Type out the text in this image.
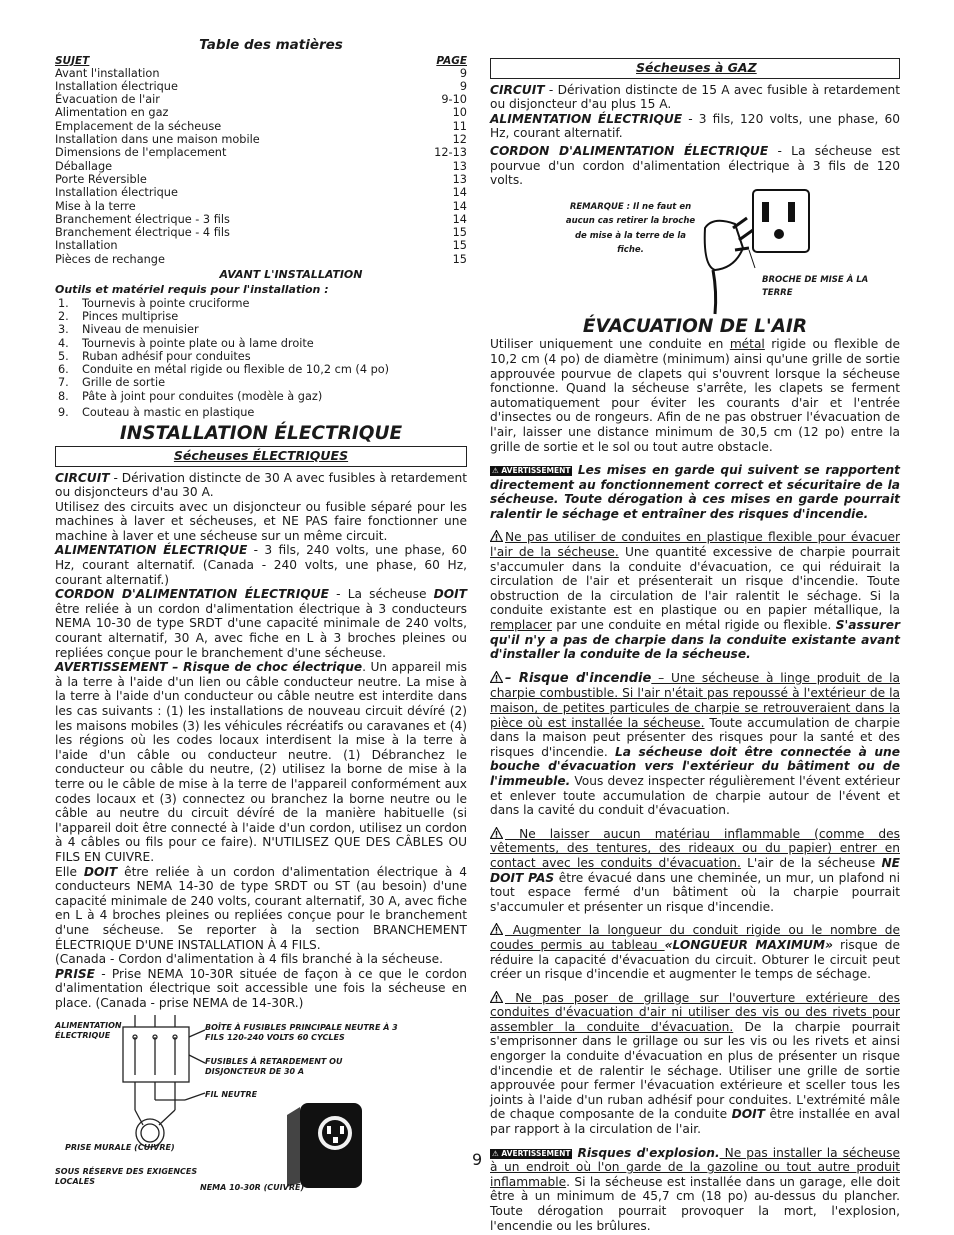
Table des matières
SUJET	PAGE
Avant l'installation	9
Installation électrique	9
Évacuation de l'air	9-10
Alimentation en gaz	10
Emplacement de la sécheuse	11
Installation dans une maison mobile	12
Dimensions de l'emplacement	12-13
Déballage	13
Porte Réversible	13
Installation électrique	14
Mise à la terre	14
Branchement électrique - 3 fils	14
Branchement électrique - 4 fils	15
Installation	15
Pièces de rechange	15
AVANT L'INSTALLATION
Outils et matériel requis pour l'installation :
1.	Tournevis à pointe cruciforme
2.	Pinces multiprise
3.	Niveau de menuisier
4.	Tournevis à pointe plate ou à lame droite
5.	Ruban adhésif pour conduites
6.	Conduite en métal rigide ou flexible de 10,2 cm (4 po)
7.	Grille de sortie
8.	Pâte à joint pour conduites (modèle à gaz)
9.	Couteau à mastic en plastique
INSTALLATION ÉLECTRIQUE
Sécheuses ÉLECTRIQUES

CIRCUIT - Dérivation distincte de 30 A avec fusibles à retardement ou disjoncteurs d'au 30 A.

Utilisez des circuits avec un disjoncteur ou fusible séparé pour les machines à laver et sécheuses, et NE PAS faire fonctionner une machine à laver et une sécheuse sur un même circuit.

ALIMENTATION ÉLECTRIQUE - 3 fils, 240 volts, une phase, 60 Hz, courant alternatif. (Canada - 240 volts, une phase, 60 Hz, courant alternatif.)

CORDON D'ALIMENTATION ÉLECTRIQUE - La sécheuse DOIT être reliée à un cordon d'alimentation électrique à 3 conducteurs NEMA 10-30 de type SRDT d'une capacité minimale de 240 volts, courant alternatif, 30 A, avec fiche en L à 3 broches pleines ou repliées conçue pour le branchement d'une sécheuse.

AVERTISSEMENT – Risque de choc électrique. Un appareil mis à la terre à l'aide d'un lien ou câble conducteur neutre. La mise à la terre à l'aide d'un conducteur ou câble neutre est interdite dans les cas suivants : (1) les installations de nouveau circuit dévíré (2) les maisons mobiles (3) les véhicules récréatifs ou caravanes et (4) les régions où les codes locaux interdisent la mise à la terre à l'aide d'un câble ou conducteur neutre. (1) Débranchez le conducteur ou câble du neutre, (2) utilisez la borne de mise à la terre ou le câble de mise à la terre de l'appareil conformément aux codes locaux et (3) connectez ou branchez la borne neutre ou le câble au neutre du circuit dévíré de la manière habituelle (si l'appareil doit être connecté à l'aide d'un cordon, utilisez un cordon à 4 câbles ou fils pour ce faire). N'UTILISEZ QUE DES CÂBLES OU FILS EN CUIVRE.

Elle DOIT être reliée à un cordon d'alimentation électrique à 4 conducteurs NEMA 14-30 de type SRDT ou ST (au besoin) d'une capacité minimale de 240 volts, courant alternatif, 30 A, avec fiche en L à 4 broches pleines ou repliées conçue pour le branchement d'une sécheuse. Se reporter à la section BRANCHEMENT ÉLECTRIQUE D'UNE INSTALLATION À 4 FILS.

(Canada - Cordon d'alimentation à 4 fils branché à la sécheuse.

PRISE - Prise NEMA 10-30R située de façon à ce que le cordon d'alimentation électrique soit accessible une fois la sécheuse en place. (Canada - prise NEMA de 14-30R.)

ALIMENTATION ÉLECTRIQUE
BOÎTE À FUSIBLES PRINCIPALE NEUTRE À 3 FILS 120-240 VOLTS 60 CYCLES
FUSIBLES À RETARDEMENT OU DISJONCTEUR DE 30 A
FIL NEUTRE
PRISE MURALE (CUIVRE)
SOUS RÉSERVE DES EXIGENCES LOCALES
NEMA 10-30R (CUIVRE)
9
Sécheuses à GAZ

CIRCUIT - Dérivation distincte de 15 A avec fusible à retardement ou disjoncteur d'au plus 15 A.

ALIMENTATION ÉLECTRIQUE - 3 fils, 120 volts, une phase, 60 Hz, courant alternatif.

CORDON D'ALIMENTATION ÉLECTRIQUE - La sécheuse est pourvue d'un cordon d'alimentation électrique à 3 fils de 120 volts.

REMARQUE : Il ne faut en aucun cas retirer la broche de mise à la terre de la fiche.
BROCHE DE MISE À LA TERRE
ÉVACUATION DE L'AIR

Utiliser uniquement une conduite en métal rigide ou flexible de 10,2 cm (4 po) de diamètre (minimum) ainsi qu'une grille de sortie approuvée pourvue de clapets qui s'ouvrent lorsque la sécheuse fonctionne. Quand la sécheuse s'arrête, les clapets se ferment automatiquement pour éviter les courants d'air et l'entrée d'insectes ou de rongeurs. Afin de ne pas obstruer l'évacuation de l'air, laisser une distance minimum de 30,5 cm (12 po) entre la grille de sortie et le sol ou tout autre obstacle.

⚠ AVERTISSEMENT Les mises en garde qui suivent se rapportent directement au fonctionnement correct et sécuritaire de la sécheuse. Toute dérogation à ces mises en garde pourrait ralentir le séchage et entraîner des risques d'incendie.

Ne pas utiliser de conduites en plastique flexible pour évacuer l'air de la sécheuse. Une quantité excessive de charpie pourrait s'accumuler dans la conduite d'évacuation, ce qui réduirait la circulation de l'air et présenterait un risque d'incendie. Toute obstruction de la circulation de l'air ralentit le séchage. Si la conduite existante est en plastique ou en papier métallique, la remplacer par une conduite en métal rigide ou flexible. S'assurer qu'il n'y a pas de charpie dans la conduite existante avant d'installer la conduite de la sécheuse.

– Risque d'incendie – Une sécheuse à linge produit de la charpie combustible. Si l'air n'était pas repoussé à l'extérieur de la maison, de petites particules de charpie se retrouveraient dans la pièce où est installée la sécheuse. Toute accumulation de charpie dans la maison peut présenter des risques pour la santé et des risques d'incendie. La sécheuse doit être connectée à une bouche d'évacuation vers l'extérieur du bâtiment ou de l'immeuble. Vous devez inspecter régulièrement l'évent extérieur et enlever toute accumulation de charpie autour de l'évent et dans la cavité du conduit d'évacuation.

Ne laisser aucun matériau inflammable (comme des vêtements, des tentures, des rideaux ou du papier) entrer en contact avec les conduits d'évacuation. L'air de la sécheuse NE DOIT PAS être évacué dans une cheminée, un mur, un plafond ni tout espace fermé d'un bâtiment où la charpie pourrait s'accumuler et présenter un risque d'incendie.

Augmenter la longueur du conduit rigide ou le nombre de coudes permis au tableau «LONGUEUR MAXIMUM» risque de réduire la capacité d'évacuation du circuit. Obturer le circuit peut créer un risque d'incendie et augmenter le temps de séchage.

Ne pas poser de grillage sur l'ouverture extérieure des conduites d'évacuation d'air ni utiliser des vis ou des rivets pour assembler la conduite d'évacuation. De la charpie pourrait s'emprisonner dans le grillage ou sur les vis ou les rivets et ainsi engorger la conduite d'évacuation en plus de présenter un risque d'incendie et de ralentir le séchage. Utiliser une grille de sortie approuvée pour fermer l'évacuation extérieure et sceller tous les joints à l'aide d'un ruban adhésif pour conduites. L'extrémité mâle de chaque composante de la conduite DOIT être installée en aval par rapport à la circulation de l'air.

⚠ AVERTISSEMENT Risques d'explosion. Ne pas installer la sécheuse à un endroit où l'on garde de la gazoline ou tout autre produit inflammable. Si la sécheuse est installée dans un garage, elle doit être à un minimum de 45,7 cm (18 po) au-dessus du plancher. Toute dérogation pourrait provoquer la mort, l'explosion, l'encendie ou les brûlures.
